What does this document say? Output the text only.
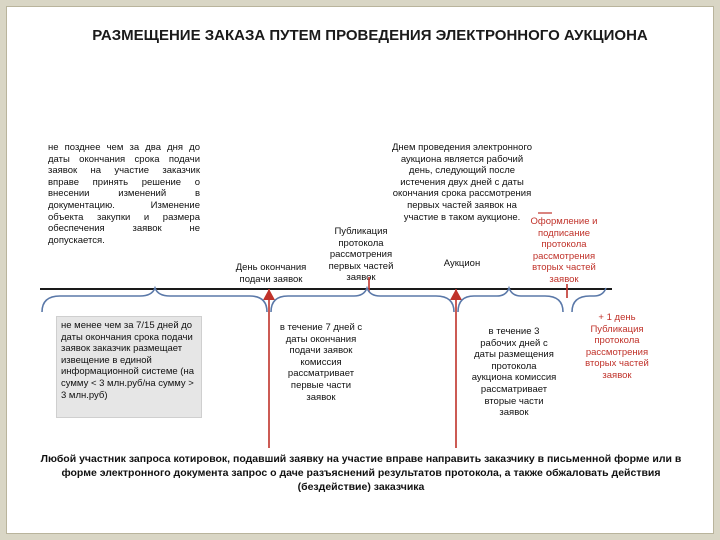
РАЗМЕЩЕНИЕ ЗАКАЗА ПУТЕМ ПРОВЕДЕНИЯ ЭЛЕКТРОННОГО АУКЦИОНА
не позднее чем за два дня до даты окончания срока подачи заявок на участие заказчик вправе принять решение о внесении изменений в документацию. Изменение объекта закупки и размера обеспечения заявок не допускается.
Днем проведения электронного аукциона является рабочий день, следующий после истечения двух дней с даты окончания срока рассмотрения первых частей заявок на участие в таком аукционе.
День окончания подачи заявок
Публикация протокола рассмотрения первых частей заявок
Аукцион
Оформление и подписание протокола рассмотрения вторых частей заявок
не менее чем за 7/15 дней до даты окончания срока подачи заявок заказчик размещает извещение в единой информационной системе (на сумму < 3 млн.руб/на сумму > 3 млн.руб)
в течение 7 дней с даты окончания подачи заявок комиссия рассматривает первые части заявок
в течение 3 рабочих дней с даты размещения протокола аукциона комиссия рассматривает вторые части заявок
+ 1 день Публикация протокола рассмотрения вторых частей заявок
Любой участник запроса котировок, подавший заявку на участие вправе направить заказчику в письменной форме или в форме электронного документа запрос о даче разъяснений результатов протокола, а также обжаловать действия (бездействие) заказчика
